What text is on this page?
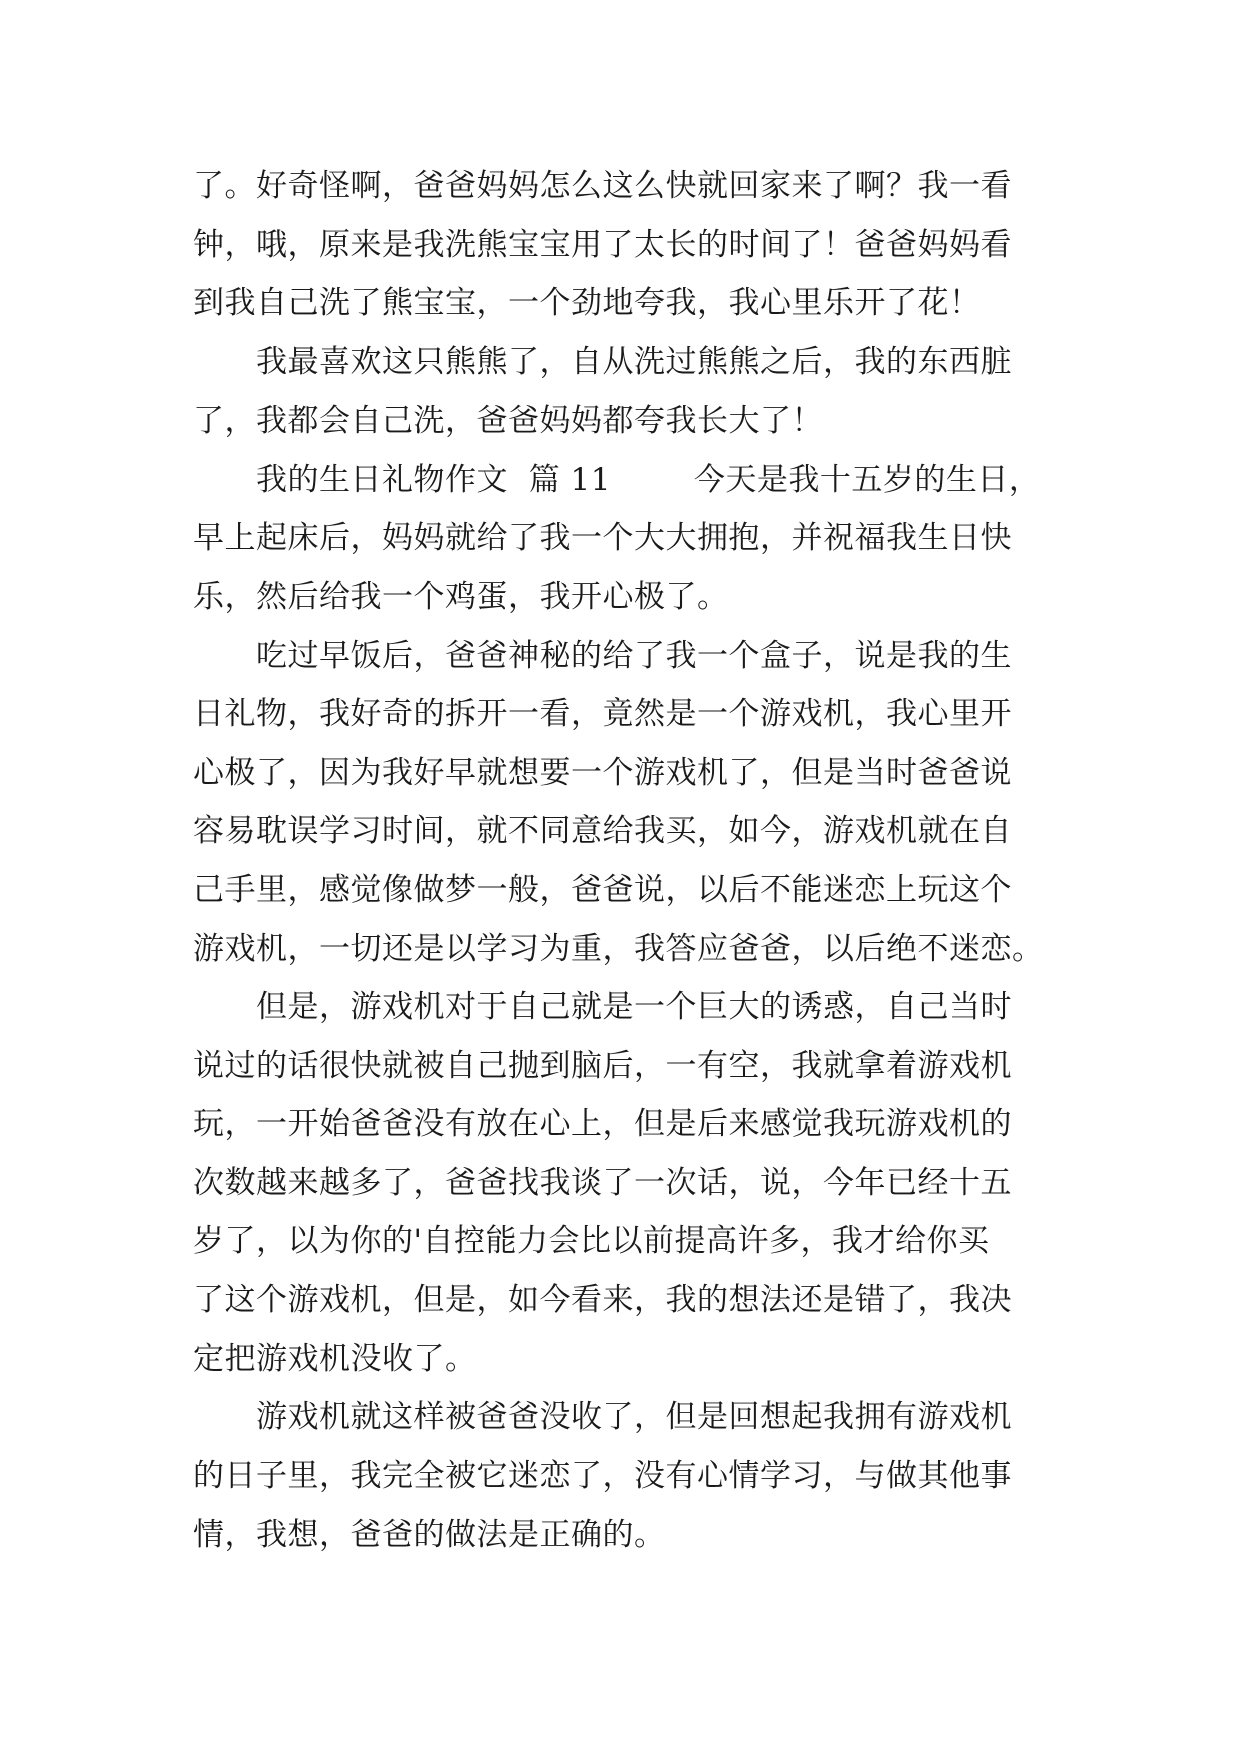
了。好奇怪啊，爸爸妈妈怎么这么快就回家来了啊？我一看
钟，哦，原来是我洗熊宝宝用了太长的时间了！爸爸妈妈看
到我自己洗了熊宝宝，一个劲地夸我，我心里乐开了花！
我最喜欢这只熊熊了，自从洗过熊熊之后，我的东西脏
了，我都会自己洗，爸爸妈妈都夸我长大了！
我的生日礼物作文  篇 11        今天是我十五岁的生日，
早上起床后，妈妈就给了我一个大大拥抱，并祝福我生日快
乐，然后给我一个鸡蛋，我开心极了。
吃过早饭后，爸爸神秘的给了我一个盒子，说是我的生
日礼物，我好奇的拆开一看，竟然是一个游戏机，我心里开
心极了，因为我好早就想要一个游戏机了，但是当时爸爸说
容易耽误学习时间，就不同意给我买，如今，游戏机就在自
己手里，感觉像做梦一般，爸爸说，以后不能迷恋上玩这个
游戏机，一切还是以学习为重，我答应爸爸，以后绝不迷恋。
但是，游戏机对于自己就是一个巨大的诱惑，自己当时
说过的话很快就被自己抛到脑后，一有空，我就拿着游戏机
玩，一开始爸爸没有放在心上，但是后来感觉我玩游戏机的
次数越来越多了，爸爸找我谈了一次话，说，今年已经十五
岁了，以为你的'自控能力会比以前提高许多，我才给你买
了这个游戏机，但是，如今看来，我的想法还是错了，我决
定把游戏机没收了。
游戏机就这样被爸爸没收了，但是回想起我拥有游戏机
的日子里，我完全被它迷恋了，没有心情学习，与做其他事
情，我想，爸爸的做法是正确的。
